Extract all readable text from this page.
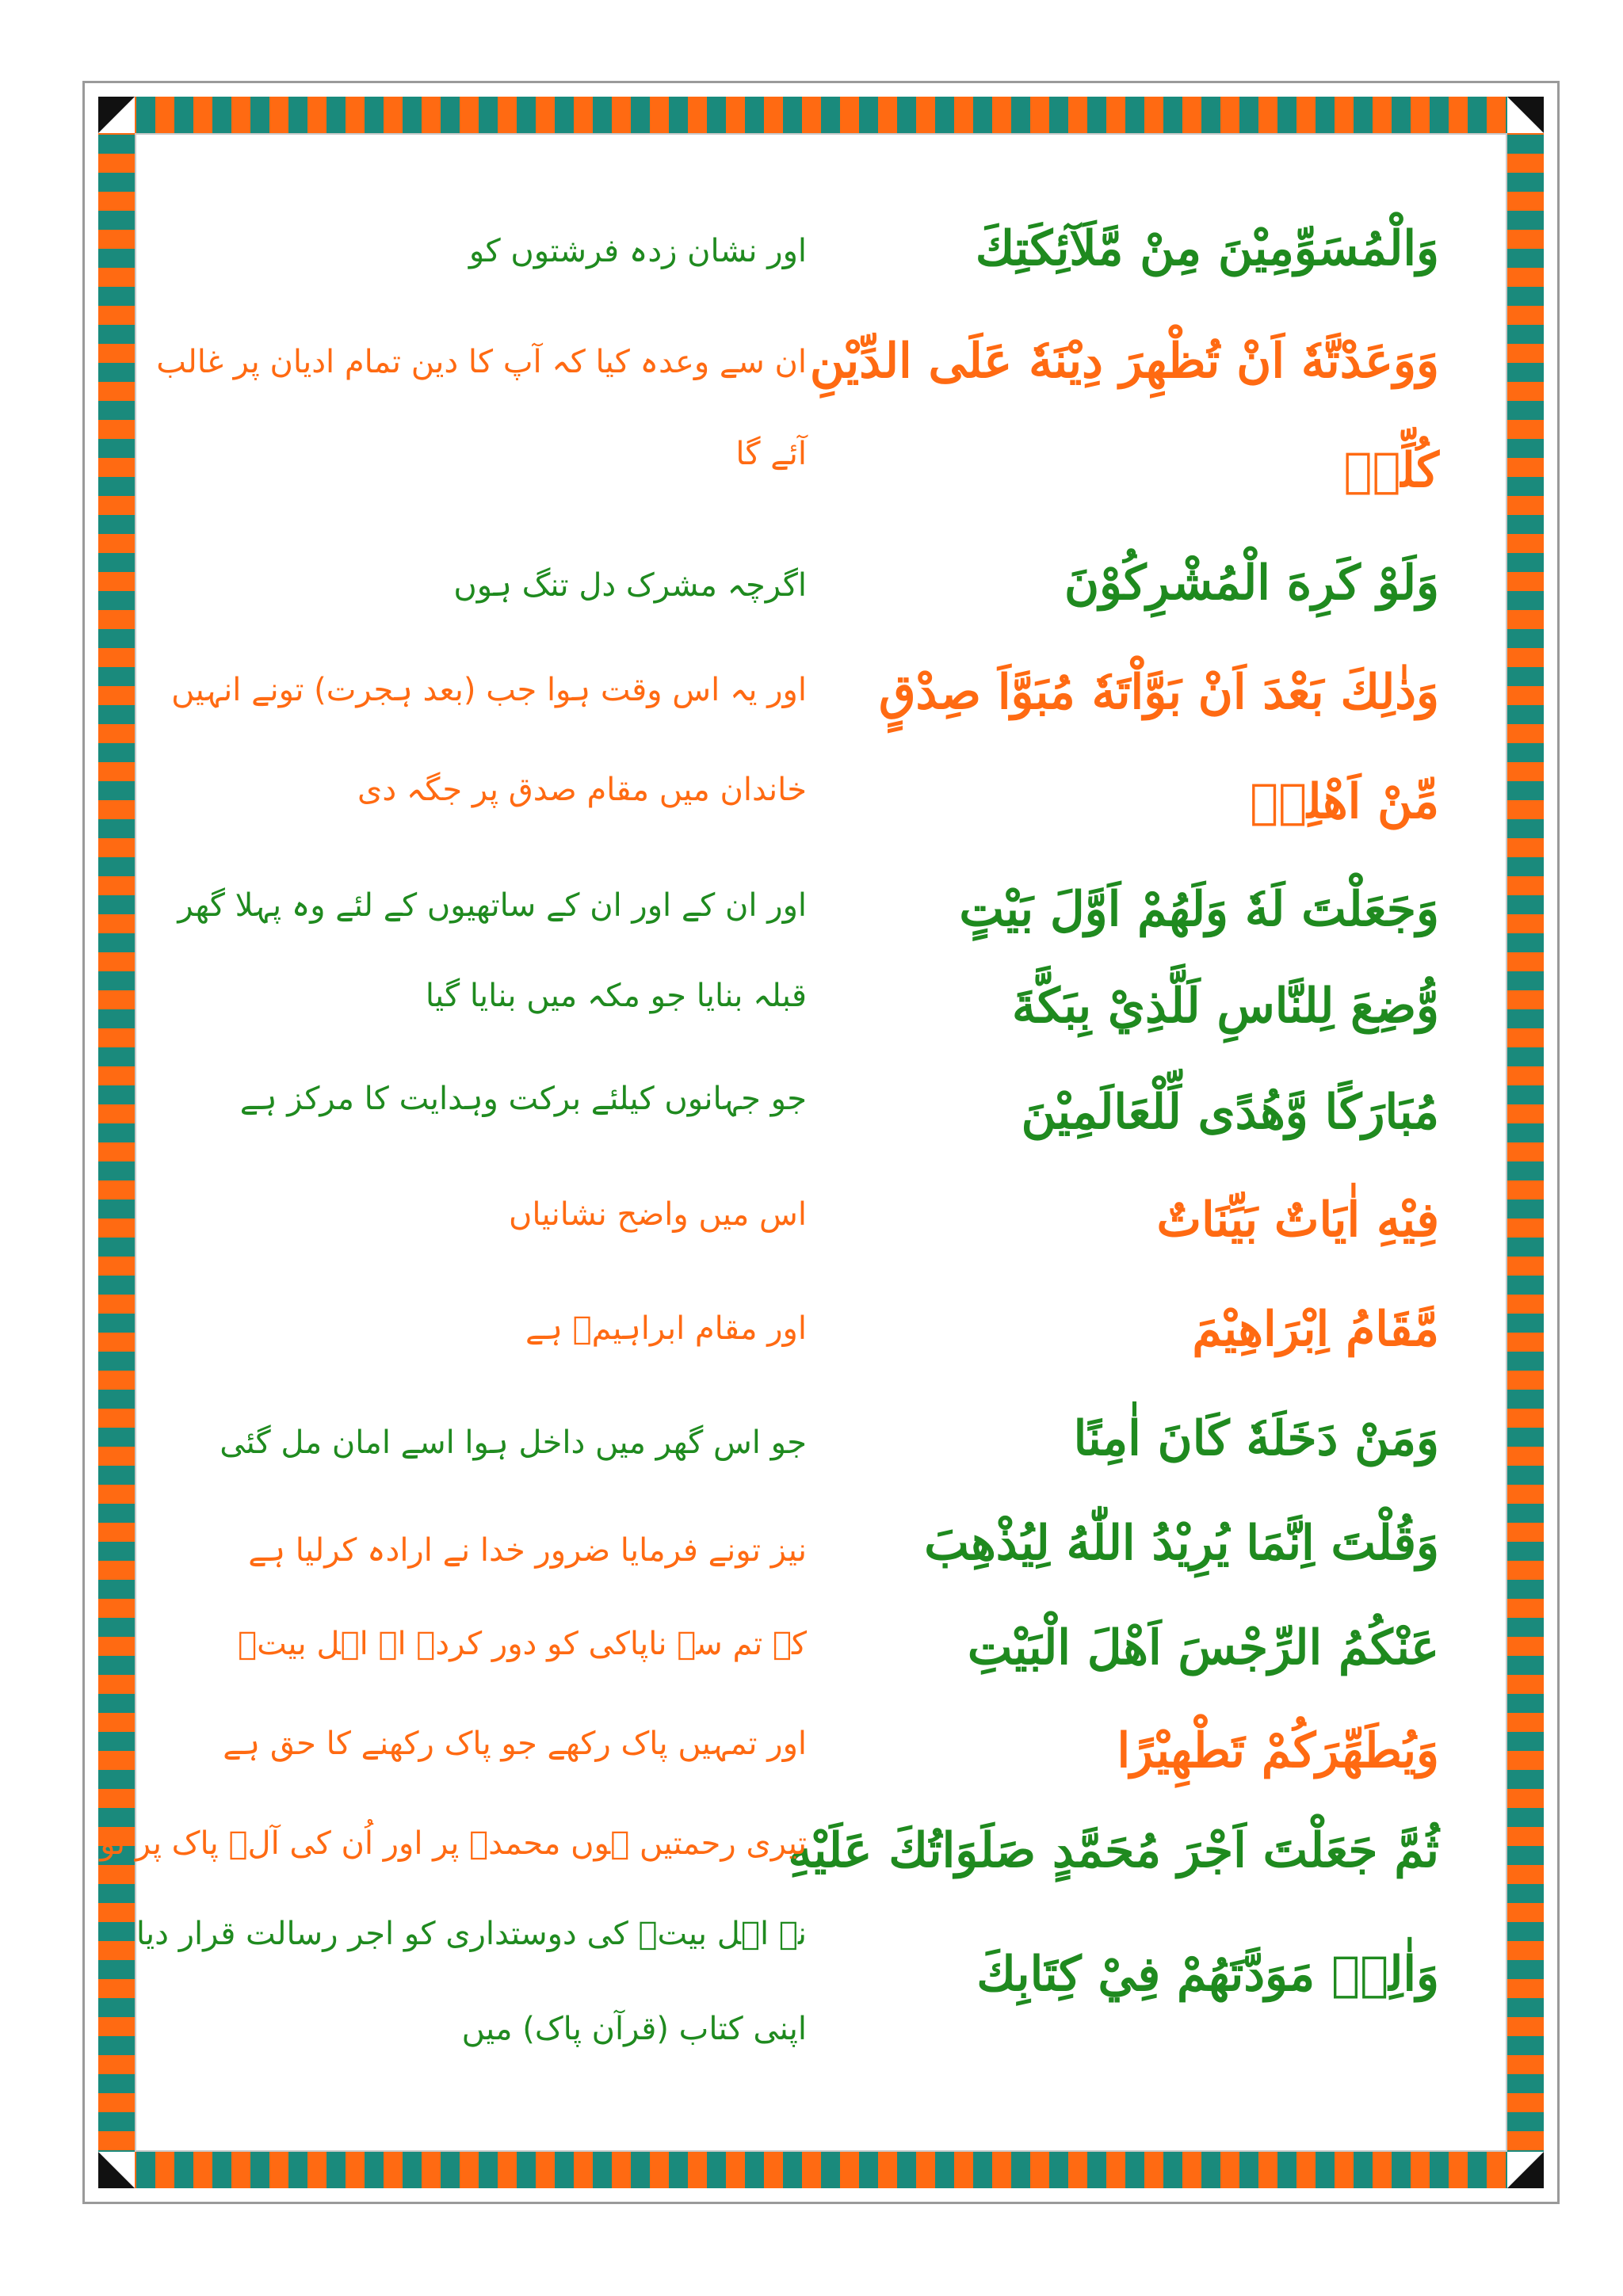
وَالْمُسَوِّمِيْنَ مِنْ مَّلَآئِكَتِكَ
وَوَعَدْتَّهٗ اَنْ تُظْهِرَ دِيْنَهٗ عَلَى الدِّيْنِ
كُلِّهٖ
وَلَوْ كَرِهَ الْمُشْرِكُوْنَ
وَذٰلِكَ بَعْدَ اَنْ بَوَّاْتَهٗ مُبَوَّاَ صِدْقٍ
مِّنْ اَهْلِهٖ
وَجَعَلْتَ لَهٗ وَلَهُمْ اَوَّلَ بَيْتٍ
وُّضِعَ لِلنَّاسِ لَلَّذِيْ بِبَكَّةَ
مُبَارَكًا وَّهُدًى لِّلْعَالَمِيْنَ
فِيْهِ اٰيَاتٌ بَيِّنَاتٌ
مَّقَامُ اِبْرَاهِيْمَ
وَمَنْ دَخَلَهٗ كَانَ اٰمِنًا
وَقُلْتَ اِنَّمَا يُرِيْدُ اللّٰهُ لِيُذْهِبَ
عَنْكُمُ الرِّجْسَ اَهْلَ الْبَيْتِ
وَيُطَهِّرَكُمْ تَطْهِيْرًا
ثُمَّ جَعَلْتَ اَجْرَ مُحَمَّدٍ صَلَوَاتُكَ عَلَيْهِ
وَاٰلِهٖ مَوَدَّتَهُمْ فِيْ كِتَابِكَ
اور نشان زدہ فرشتوں کو
ان سے وعدہ کیا کہ آپ کا دین تمام ادیان پر غالب
آئے گا
اگرچہ مشرک دل تنگ ہوں
اور یہ اس وقت ہوا جب (بعد ہجرت) تونے انہیں
خاندان میں مقام صدق پر جگہ دی
اور ان کے اور ان کے ساتھیوں کے لئے وہ پہلا گھر
قبلہ بنایا جو مکہ میں بنایا گیا
جو جہانوں کیلئے برکت وہدایت کا مرکز ہے
اس میں واضح نشانیاں
اور مقام ابراہیمؑ ہے
جو اس گھر میں داخل ہوا اسے امان مل گئی
نیز تونے فرمایا ضرور خدا نے ارادہ کرلیا ہے
کہ تم سے ناپاکی کو دور کردے اے اہل بیتؑ
اور تمہیں پاک رکھے جو پاک رکھنے کا حق ہے
تیری رحمتیں ہوں محمدؐ پر اور اُن کی آلؑ پاک پر تو
نے اہل بیتؑ کی دوستداری کو اجر رسالت قرار دیا
اپنی کتاب (قرآن پاک) میں
